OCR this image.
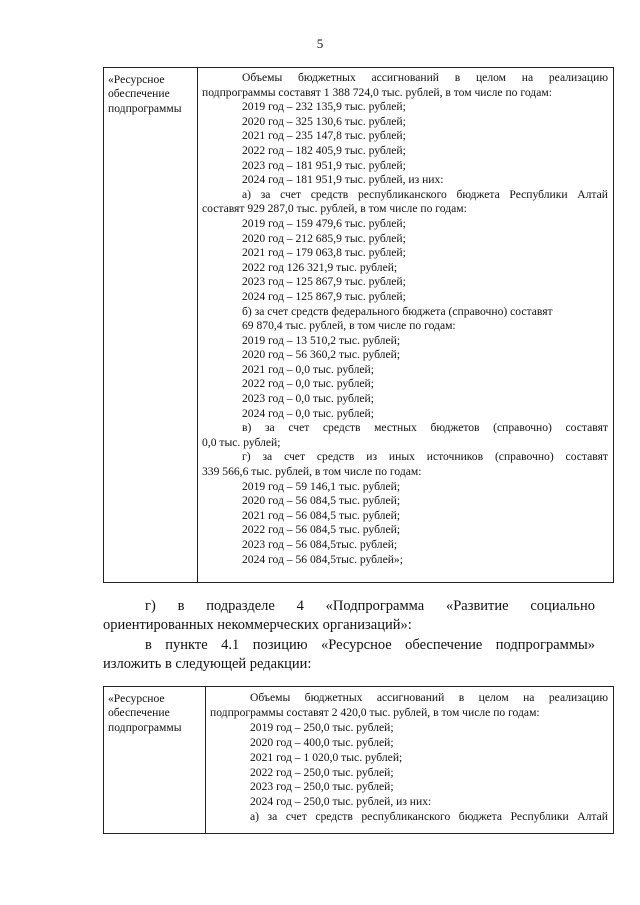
5
«Ресурсное
обеспечение
подпрограммы
Объемы бюджетных ассигнований в целом на реализацию
подпрограммы составят 1 388 724,0 тыс. рублей, в том числе по годам:
2019 год – 232 135,9 тыс. рублей;
2020 год – 325 130,6 тыс. рублей;
2021 год – 235 147,8 тыс. рублей;
2022 год – 182 405,9 тыс. рублей;
2023 год – 181 951,9 тыс. рублей;
2024 год – 181 951,9 тыс. рублей, из них:
а) за счет средств республиканского бюджета Республики Алтай
составят 929 287,0 тыс. рублей, в том числе по годам:
2019 год – 159 479,6 тыс. рублей;
2020 год – 212 685,9 тыс. рублей;
2021 год – 179 063,8 тыс. рублей;
2022 год 126 321,9 тыс. рублей;
2023 год – 125 867,9 тыс. рублей;
2024 год – 125 867,9 тыс. рублей;
б) за счет средств федерального бюджета (справочно) составят
69 870,4 тыс. рублей, в том числе по годам:
2019 год – 13 510,2 тыс. рублей;
2020 год – 56 360,2 тыс. рублей;
2021 год – 0,0 тыс. рублей;
2022 год – 0,0 тыс. рублей;
2023 год – 0,0 тыс. рублей;
2024 год – 0,0 тыс. рублей;
в) за счет средств местных бюджетов (справочно) составят
0,0 тыс. рублей;
г) за счет средств из иных источников (справочно) составят
339 566,6 тыс. рублей, в том числе по годам:
2019 год – 59 146,1 тыс. рублей;
2020 год – 56 084,5 тыс. рублей;
2021 год – 56 084,5 тыс. рублей;
2022 год – 56 084,5 тыс. рублей;
2023 год – 56 084,5тыс. рублей;
2024 год – 56 084,5тыс. рублей»;
г) в подразделе 4 «Подпрограмма «Развитие социально
ориентированных некоммерческих организаций»:
в пункте 4.1 позицию «Ресурсное обеспечение подпрограммы»
изложить в следующей редакции:
«Ресурсное
обеспечение
подпрограммы
Объемы бюджетных ассигнований в целом на реализацию
подпрограммы составят 2 420,0 тыс. рублей, в том числе по годам:
2019 год – 250,0 тыс. рублей;
2020 год – 400,0 тыс. рублей;
2021 год – 1 020,0 тыс. рублей;
2022 год – 250,0 тыс. рублей;
2023 год – 250,0 тыс. рублей;
2024 год – 250,0 тыс. рублей, из них:
а) за счет средств республиканского бюджета Республики Алтай
